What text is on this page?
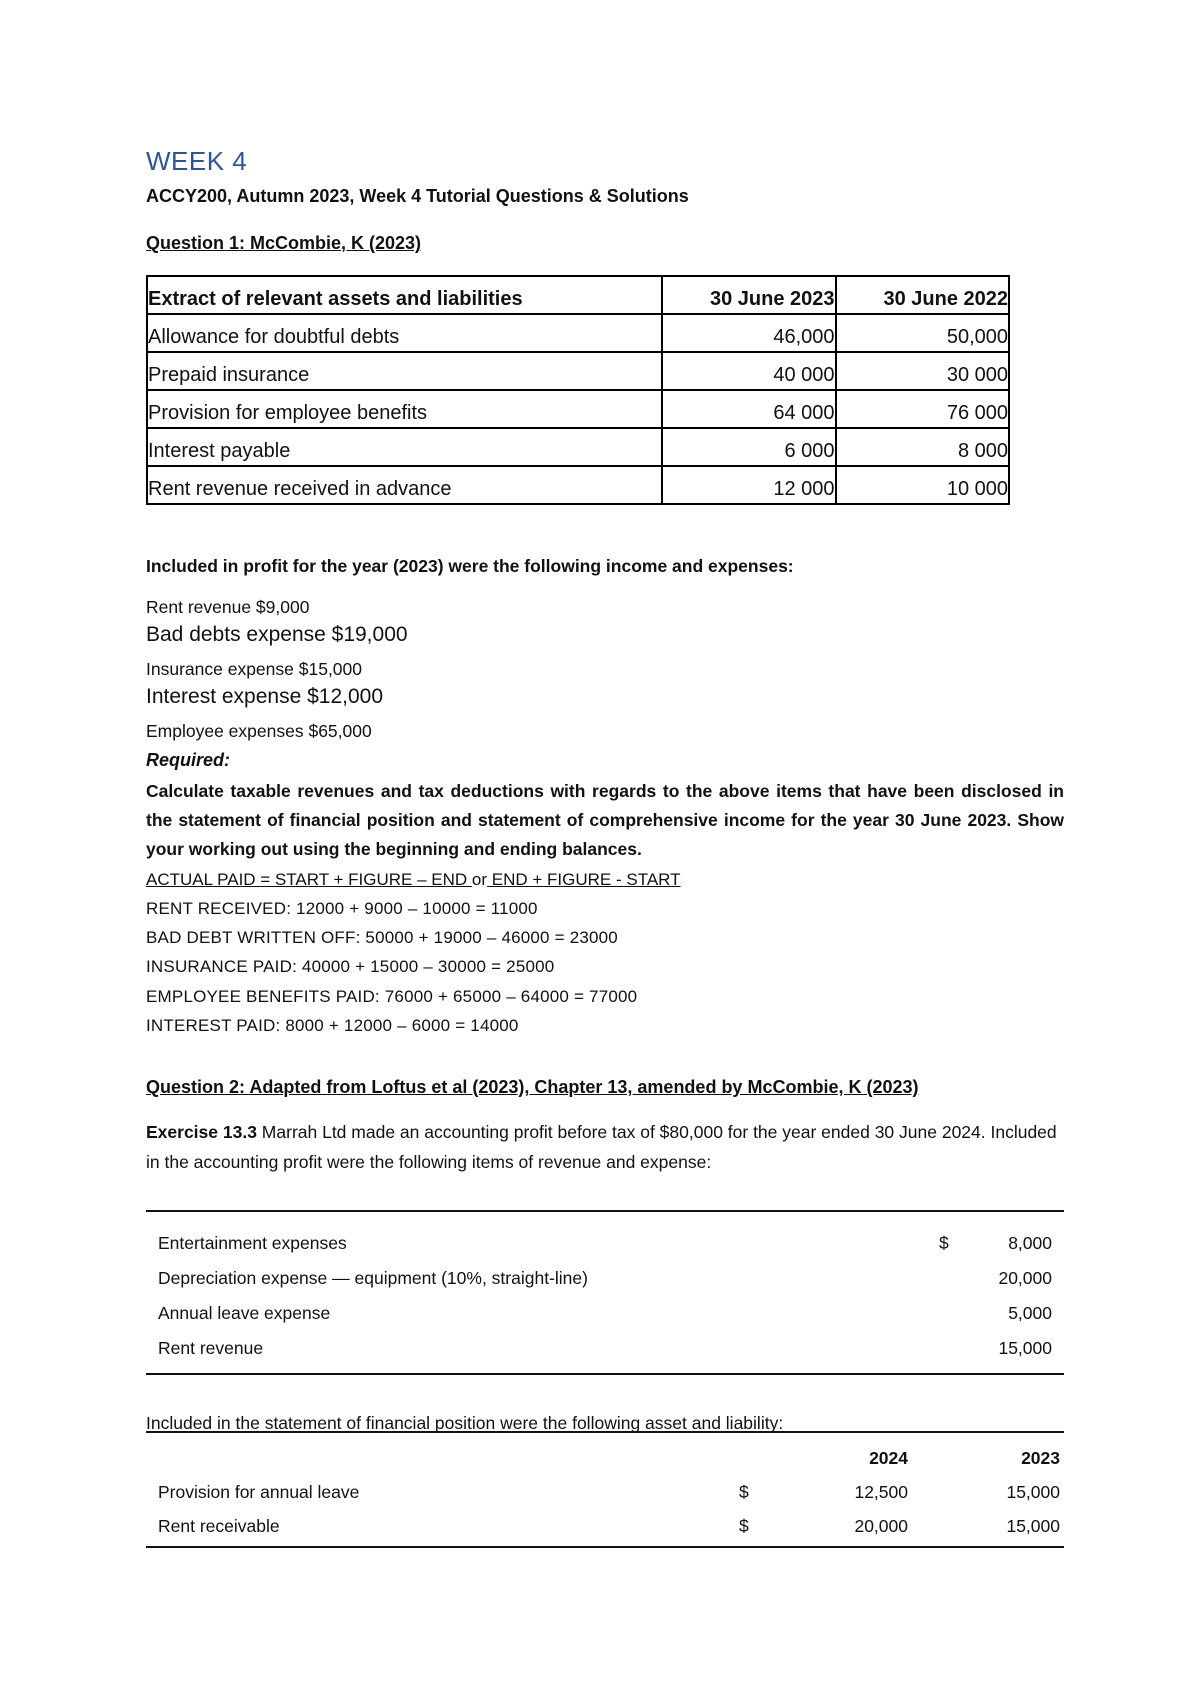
WEEK 4
ACCY200, Autumn 2023, Week 4 Tutorial Questions & Solutions
Question 1: McCombie, K (2023)
Extract of relevant assets and liabilities	30 June 2023	30 June 2022
Allowance for doubtful debts	46,000	50,000
Prepaid insurance	40 000	30 000
Provision for employee benefits	64 000	76 000
Interest payable	6 000	8 000
Rent revenue received in advance	12 000	10 000
Included in profit for the year (2023) were the following income and expenses:
Rent revenue $9,000
Bad debts expense $19,000
Insurance expense $15,000
Interest expense $12,000
Employee expenses $65,000
Required:
Calculate taxable revenues and tax deductions with regards to the above items that have been disclosed in the statement of financial position and statement of comprehensive income for the year 30 June 2023. Show your working out using the beginning and ending balances.
ACTUAL PAID = START + FIGURE – END or END + FIGURE - START
RENT RECEIVED: 12000 + 9000 – 10000 = 11000
BAD DEBT WRITTEN OFF: 50000 + 19000 – 46000 = 23000
INSURANCE PAID: 40000 + 15000 – 30000 = 25000
EMPLOYEE BENEFITS PAID: 76000 + 65000 – 64000 = 77000
INTEREST PAID: 8000 + 12000 – 6000 = 14000
Question 2: Adapted from Loftus et al (2023), Chapter 13, amended by McCombie, K (2023)
Exercise 13.3 Marrah Ltd made an accounting profit before tax of $80,000 for the year ended 30 June 2024. Included in the accounting profit were the following items of revenue and expense:
Entertainment expenses	$	8,000
Depreciation expense — equipment (10%, straight-line)	20,000
Annual leave expense	5,000
Rent revenue	15,000
Included in the statement of financial position were the following asset and liability:
2024	2023
Provision for annual leave	$	12,500	15,000
Rent receivable	$	20,000	15,000
